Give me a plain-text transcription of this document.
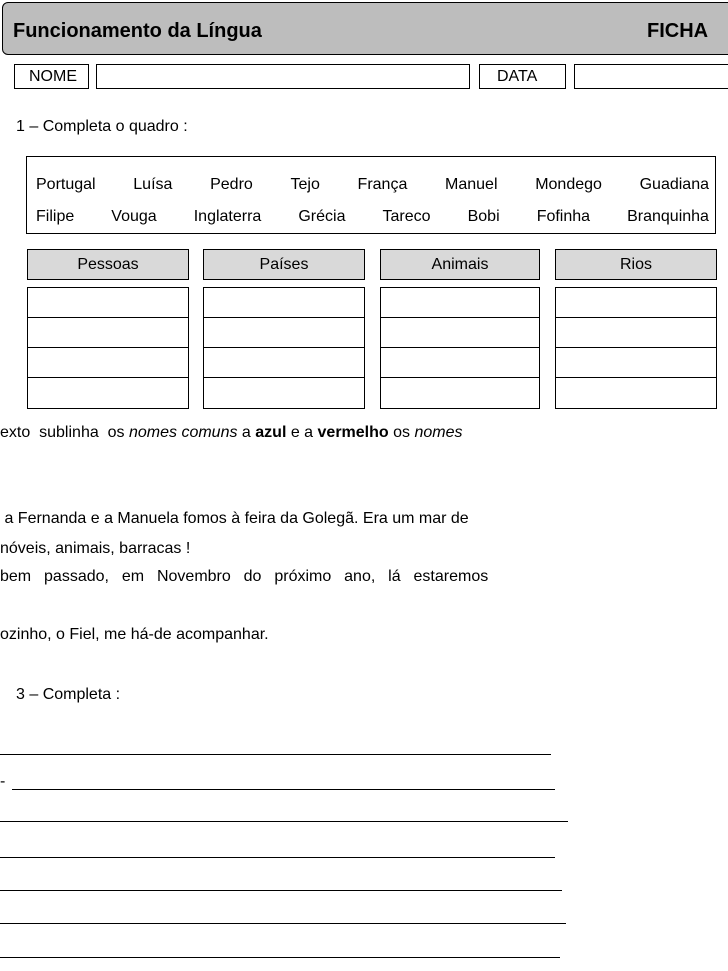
Funcionamento da Língua	FICHA
NOME	DATA
1 – Completa o quadro :
Portugal Luísa Pedro Tejo França Manuel Mondego Guadiana
Filipe Vouga Inglaterra Grécia Tareco Bobi Fofinha Branquinha
Pessoas	Países	Animais	Rios
exto  sublinha  os nomes comuns a azul e a vermelho os nomes
a Fernanda e a Manuela fomos à feira da Golegã. Era um mar de
nóveis, animais, barracas !
bem  passado,  em  Novembro  do  próximo  ano,  lá  estaremos
ozinho, o Fiel, me há-de acompanhar.
3 – Completa :
-
